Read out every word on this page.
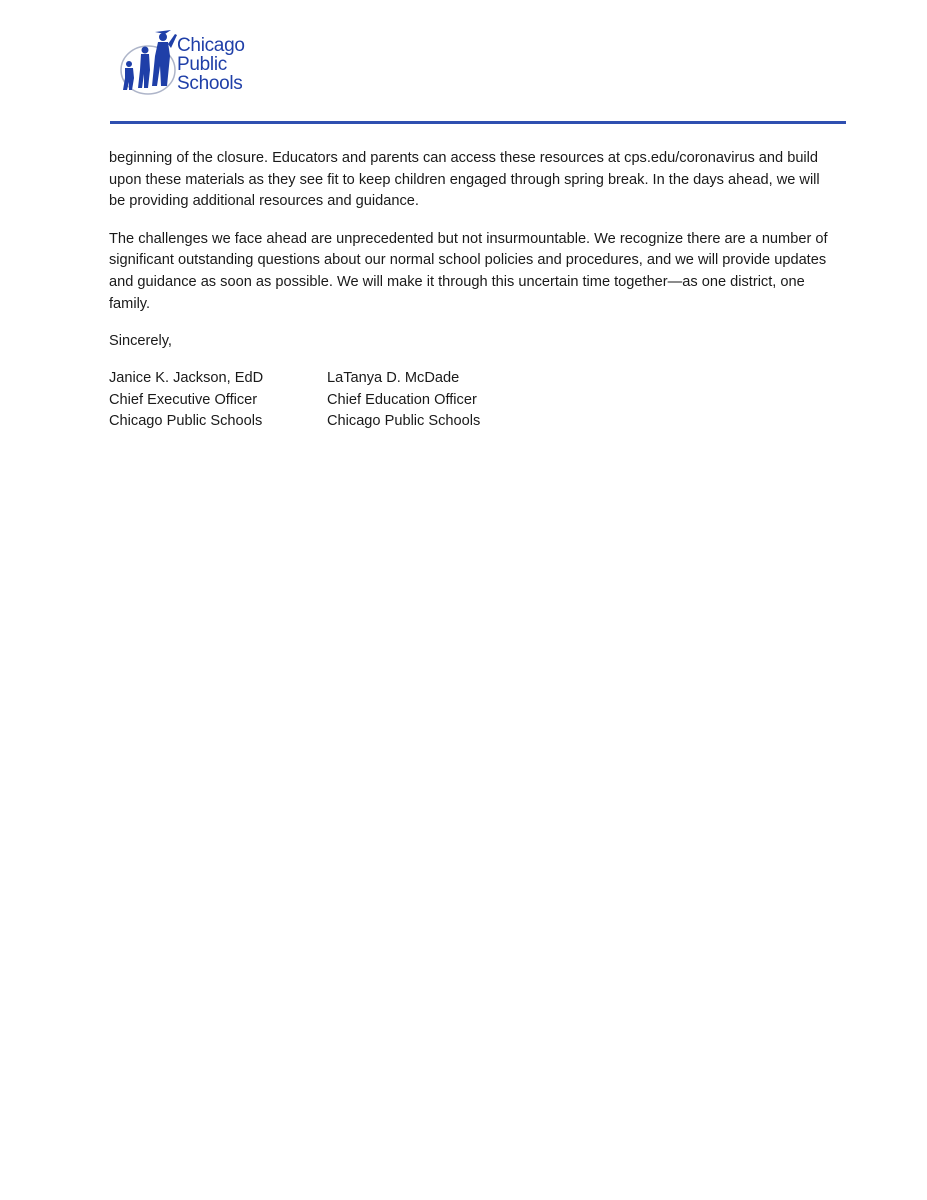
Chicago
Public
Schools

beginning of the closure. Educators and parents can access these resources at cps.edu/coronavirus and build upon these materials as they see fit to keep children engaged through spring break. In the days ahead, we will be providing additional resources and guidance.

The challenges we face ahead are unprecedented but not insurmountable. We recognize there are a number of significant outstanding questions about our normal school policies and procedures, and we will provide updates and guidance as soon as possible. We will make it through this uncertain time together—as one district, one family.

Sincerely,

Janice K. Jackson, EdD
Chief Executive Officer
Chicago Public Schools
LaTanya D. McDade
Chief Education Officer
Chicago Public Schools
